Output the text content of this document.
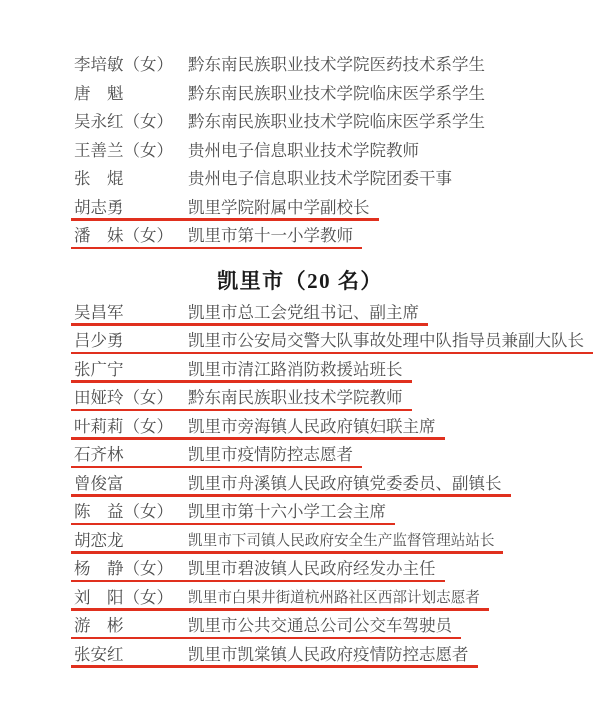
李培敏（女） 黔东南民族职业技术学院医药技术系学生
唐　魁	黔东南民族职业技术学院临床医学系学生
吴永红（女） 黔东南民族职业技术学院临床医学系学生
王善兰（女） 贵州电子信息职业技术学院教师
张　焜	贵州电子信息职业技术学院团委干事
胡志勇	凯里学院附属中学副校长
潘　妹（女） 凯里市第十一小学教师
凯里市（20 名）
吴昌军	凯里市总工会党组书记、副主席
吕少勇	凯里市公安局交警大队事故处理中队指导员兼副大队长
张广宁	凯里市清江路消防救援站班长
田娅玲（女） 黔东南民族职业技术学院教师
叶莉莉（女） 凯里市旁海镇人民政府镇妇联主席
石齐林	凯里市疫情防控志愿者
曾俊富	凯里市舟溪镇人民政府镇党委委员、副镇长
陈　益（女） 凯里市第十六小学工会主席
胡恋龙	凯里市下司镇人民政府安全生产监督管理站站长
杨　静（女） 凯里市碧波镇人民政府经发办主任
刘　阳（女） 凯里市白果井街道杭州路社区西部计划志愿者
游　彬	凯里市公共交通总公司公交车驾驶员
张安红	凯里市凯棠镇人民政府疫情防控志愿者
